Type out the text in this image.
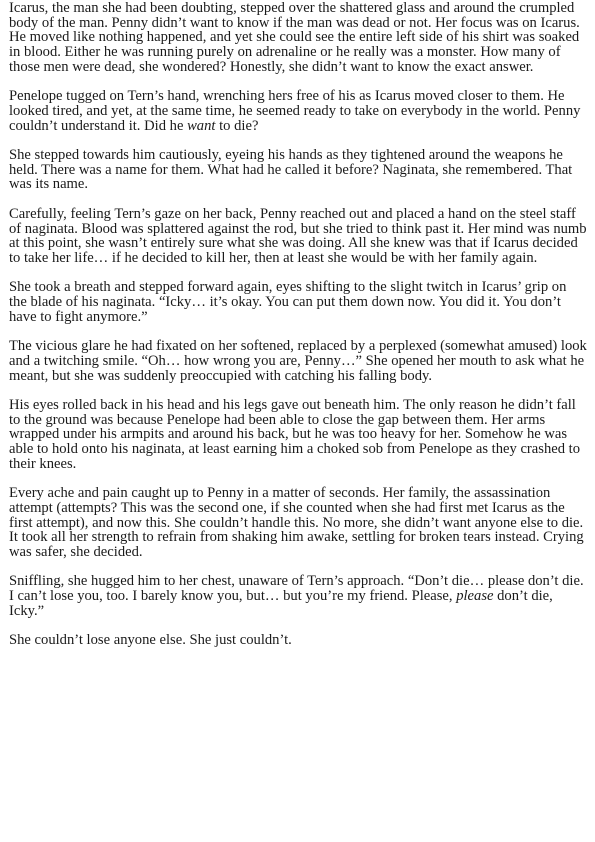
Icarus, the man she had been doubting, stepped over the shattered glass and around the crumpled body of the man. Penny didn’t want to know if the man was dead or not. Her focus was on Icarus. He moved like nothing happened, and yet she could see the entire left side of his shirt was soaked in blood. Either he was running purely on adrenaline or he really was a monster. How many of those men were dead, she wondered? Honestly, she didn’t want to know the exact answer.

Penelope tugged on Tern’s hand, wrenching hers free of his as Icarus moved closer to them. He looked tired, and yet, at the same time, he seemed ready to take on everybody in the world. Penny couldn’t understand it. Did he want to die?

She stepped towards him cautiously, eyeing his hands as they tightened around the weapons he held. There was a name for them. What had he called it before? Naginata, she remembered. That was its name.

Carefully, feeling Tern’s gaze on her back, Penny reached out and placed a hand on the steel staff of naginata. Blood was splattered against the rod, but she tried to think past it. Her mind was numb at this point, she wasn’t entirely sure what she was doing. All she knew was that if Icarus decided to take her life… if he decided to kill her, then at least she would be with her family again.

She took a breath and stepped forward again, eyes shifting to the slight twitch in Icarus’ grip on the blade of his naginata. “Icky… it’s okay. You can put them down now. You did it. You don’t have to fight anymore.”

The vicious glare he had fixated on her softened, replaced by a perplexed (somewhat amused) look and a twitching smile. “Oh… how wrong you are, Penny…” She opened her mouth to ask what he meant, but she was suddenly preoccupied with catching his falling body.

His eyes rolled back in his head and his legs gave out beneath him. The only reason he didn’t fall to the ground was because Penelope had been able to close the gap between them. Her arms wrapped under his armpits and around his back, but he was too heavy for her. Somehow he was able to hold onto his naginata, at least earning him a choked sob from Penelope as they crashed to their knees.

Every ache and pain caught up to Penny in a matter of seconds. Her family, the assassination attempt (attempts? This was the second one, if she counted when she had first met Icarus as the first attempt), and now this. She couldn’t handle this. No more, she didn’t want anyone else to die. It took all her strength to refrain from shaking him awake, settling for broken tears instead. Crying was safer, she decided.

Sniffling, she hugged him to her chest, unaware of Tern’s approach. “Don’t die… please don’t die. I can’t lose you, too. I barely know you, but… but you’re my friend. Please, please don’t die, Icky.”

She couldn’t lose anyone else. She just couldn’t.
